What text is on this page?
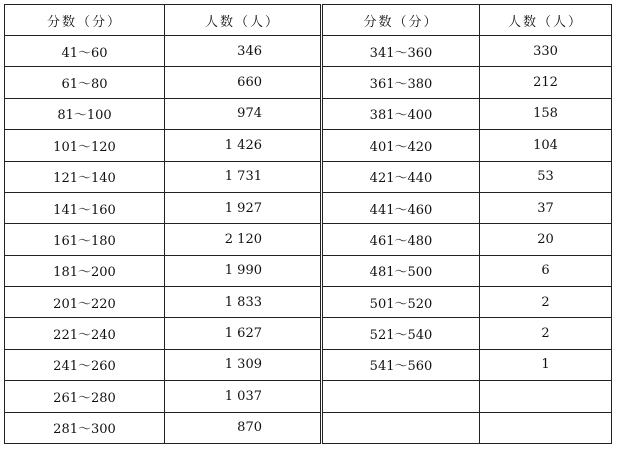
分数（分）	人数（人）	分数（分）	人数（人）
41～60	346	341～360	330
61～80	660	361～380	212
81～100	974	381～400	158
101～120	1 426	401～420	104
121～140	1 731	421～440	53
141～160	1 927	441～460	37
161～180	2 120	461～480	20
181～200	1 990	481～500	6
201～220	1 833	501～520	2
221～240	1 627	521～540	2
241～260	1 309	541～560	1
261～280	1 037		
281～300	870		
